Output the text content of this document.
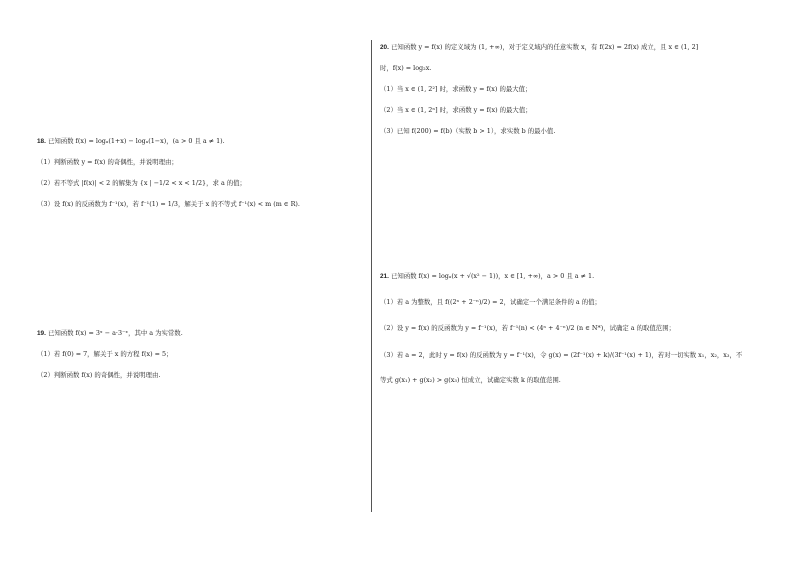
18. 已知函数 f(x) = logₐ(1+x) − logₐ(1−x)，(a > 0 且 a ≠ 1).
（1）判断函数 y = f(x) 的奇偶性，并说明理由；
（2）若不等式 |f(x)| < 2 的解集为 {x | −1/2 < x < 1/2}，求 a 的值；
（3）设 f(x) 的反函数为 f⁻¹(x)，若 f⁻¹(1) = 1/3，解关于 x 的不等式 f⁻¹(x) < m (m ∈ R).
19. 已知函数 f(x) = 3ˣ − a·3⁻ˣ，其中 a 为实常数.
（1）若 f(0) = 7，解关于 x 的方程 f(x) = 5；
（2）判断函数 f(x) 的奇偶性，并说明理由.
20. 已知函数 y = f(x) 的定义域为 (1, +∞)，对于定义域内的任意实数 x，有 f(2x) = 2f(x) 成立，且 x ∈ (1, 2]
时，f(x) = log₂x.
（1）当 x ∈ (1, 2²] 时，求函数 y = f(x) 的最大值；
（2）当 x ∈ (1, 2ⁿ] 时，求函数 y = f(x) 的最大值；
（3）已知 f(200) = f(b)（实数 b > 1），求实数 b 的最小值.
21. 已知函数 f(x) = logₐ(x + √(x² − 1))，x ∈ [1, +∞)，a > 0 且 a ≠ 1.
（1）若 a 为整数，且 f((2ⁿ + 2⁻ⁿ)/2) = 2，试确定一个满足条件的 a 的值；
（2）设 y = f(x) 的反函数为 y = f⁻¹(x)，若 f⁻¹(n) < (4ⁿ + 4⁻ⁿ)/2 (n ∈ N*)，试确定 a 的取值范围；
（3）若 a = 2，此时 y = f(x) 的反函数为 y = f⁻¹(x)，令 g(x) = (2f⁻¹(x) + k)/(3f⁻¹(x) + 1)，若对一切实数 x₁，x₂，x₃，不
等式 g(x₁) + g(x₂) > g(x₃) 恒成立，试确定实数 k 的取值范围.
